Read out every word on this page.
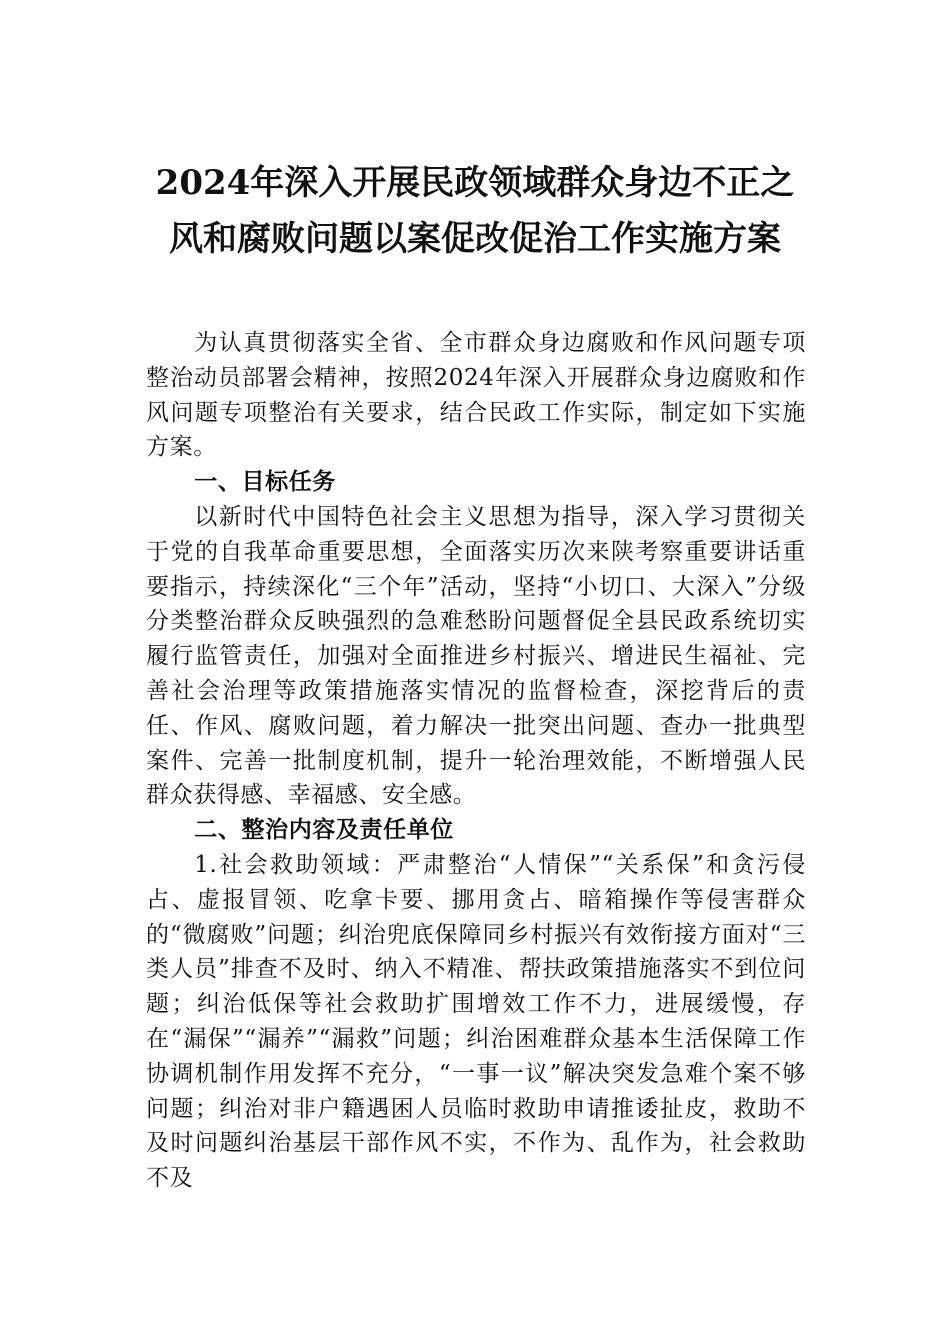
2024年深入开展民政领域群众身边不正之
风和腐败问题以案促改促治工作实施方案

为认真贯彻落实全省、全市群众身边腐败和作风问题专项整治动员部署会精神，按照2024年深入开展群众身边腐败和作风问题专项整治有关要求，结合民政工作实际，制定如下实施方案。

一、目标任务

以新时代中国特色社会主义思想为指导，深入学习贯彻关于党的自我革命重要思想，全面落实历次来陕考察重要讲话重要指示，持续深化“三个年”活动，坚持“小切口、大深入”分级分类整治群众反映强烈的急难愁盼问题督促全县民政系统切实履行监管责任，加强对全面推进乡村振兴、增进民生福祉、完善社会治理等政策措施落实情况的监督检查，深挖背后的责任、作风、腐败问题，着力解决一批突出问题、查办一批典型案件、完善一批制度机制，提升一轮治理效能，不断增强人民群众获得感、幸福感、安全感。

二、整治内容及责任单位

1.社会救助领域：严肃整治“人情保”“关系保”和贪污侵占、虚报冒领、吃拿卡要、挪用贪占、暗箱操作等侵害群众的“微腐败”问题；纠治兜底保障同乡村振兴有效衔接方面对“三类人员”排查不及时、纳入不精准、帮扶政策措施落实不到位问题；纠治低保等社会救助扩围增效工作不力，进展缓慢，存在“漏保”“漏养”“漏救”问题；纠治困难群众基本生活保障工作协调机制作用发挥不充分，“一事一议”解决突发急难个案不够问题；纠治对非户籍遇困人员临时救助申请推诿扯皮，救助不及时问题纠治基层干部作风不实，不作为、乱作为，社会救助不及
